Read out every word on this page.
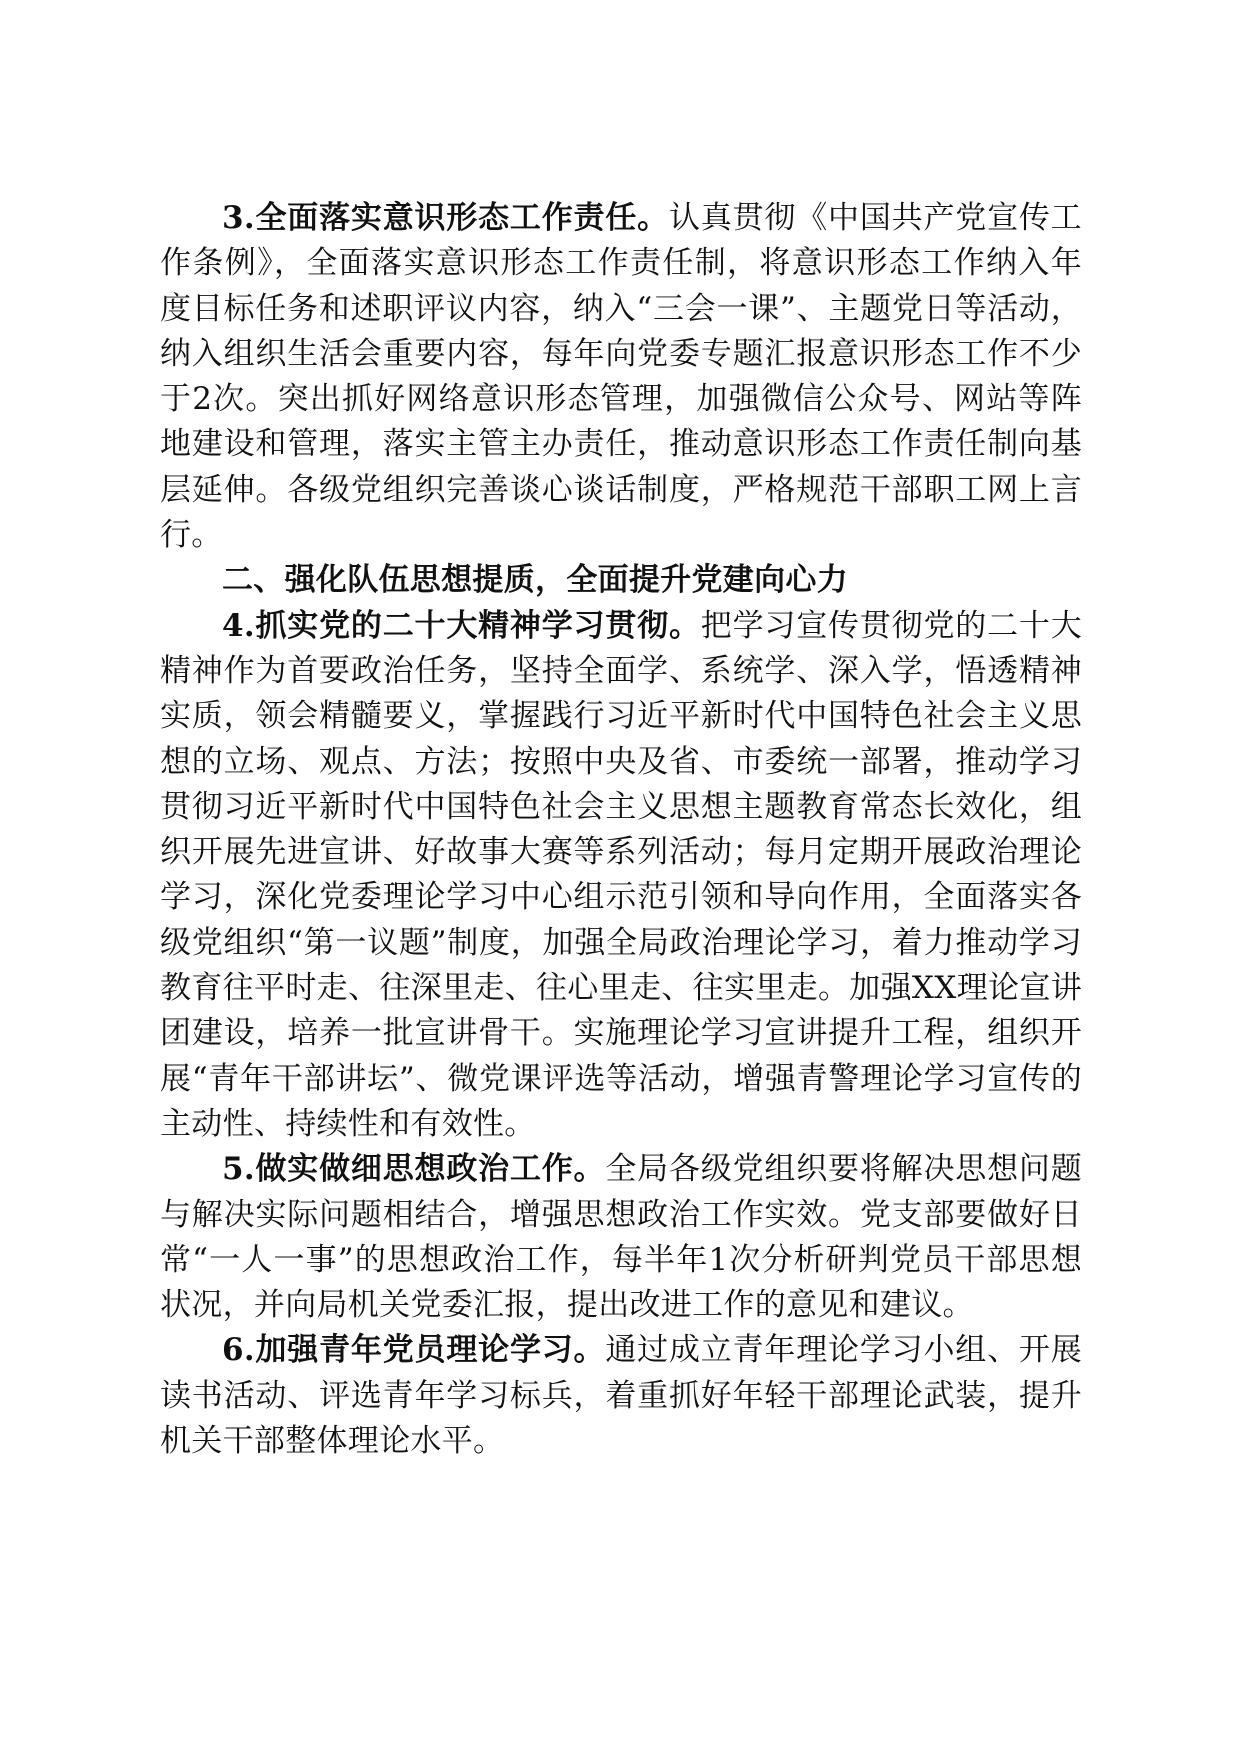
3.全面落实意识形态工作责任。认真贯彻《中国共产党宣传工作条例》，全面落实意识形态工作责任制，将意识形态工作纳入年度目标任务和述职评议内容，纳入“三会一课”、主题党日等活动，纳入组织生活会重要内容，每年向党委专题汇报意识形态工作不少于2次。突出抓好网络意识形态管理，加强微信公众号、网站等阵地建设和管理，落实主管主办责任，推动意识形态工作责任制向基层延伸。各级党组织完善谈心谈话制度，严格规范干部职工网上言行。

二、强化队伍思想提质，全面提升党建向心力

4.抓实党的二十大精神学习贯彻。把学习宣传贯彻党的二十大精神作为首要政治任务，坚持全面学、系统学、深入学，悟透精神实质，领会精髓要义，掌握践行习近平新时代中国特色社会主义思想的立场、观点、方法；按照中央及省、市委统一部署，推动学习贯彻习近平新时代中国特色社会主义思想主题教育常态长效化，组织开展先进宣讲、好故事大赛等系列活动；每月定期开展政治理论学习，深化党委理论学习中心组示范引领和导向作用，全面落实各级党组织“第一议题”制度，加强全局政治理论学习，着力推动学习教育往平时走、往深里走、往心里走、往实里走。加强XX理论宣讲团建设，培养一批宣讲骨干。实施理论学习宣讲提升工程，组织开展“青年干部讲坛”、微党课评选等活动，增强青警理论学习宣传的主动性、持续性和有效性。

5.做实做细思想政治工作。全局各级党组织要将解决思想问题与解决实际问题相结合，增强思想政治工作实效。党支部要做好日常“一人一事”的思想政治工作，每半年1次分析研判党员干部思想状况，并向局机关党委汇报，提出改进工作的意见和建议。

6.加强青年党员理论学习。通过成立青年理论学习小组、开展读书活动、评选青年学习标兵，着重抓好年轻干部理论武装，提升机关干部整体理论水平。
